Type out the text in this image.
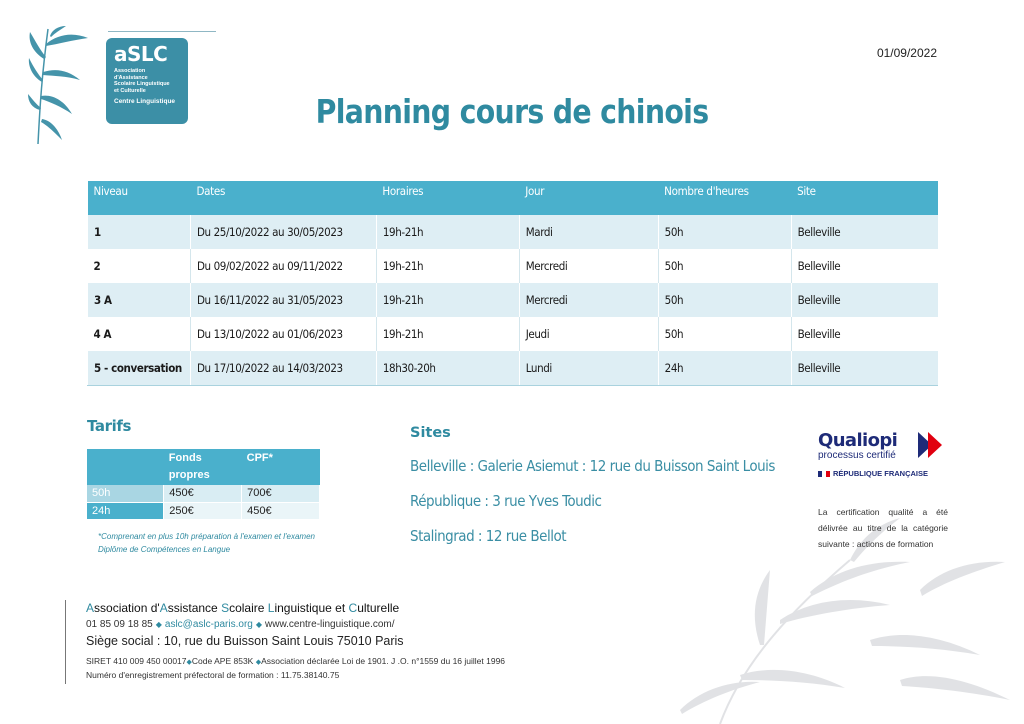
aSLC
Association d'Assistance
Scolaire Linguistique
et Culturelle
Centre Linguistique
01/09/2022
Planning cours de chinois
Niveau	Dates	Horaires	Jour	Nombre d'heures	Site
1	Du 25/10/2022 au 30/05/2023	19h-21h	Mardi	50h	Belleville
2	Du 09/02/2022 au 09/11/2022	19h-21h	Mercredi	50h	Belleville
3 A	Du 16/11/2022 au 31/05/2023	19h-21h	Mercredi	50h	Belleville
4 A	Du 13/10/2022 au 01/06/2023	19h-21h	Jeudi	50h	Belleville
5 - conversation	Du 17/10/2022 au 14/03/2023	18h30-20h	Lundi	24h	Belleville
Tarifs
	Fonds propres	CPF*
50h	450€	700€
24h	250€	450€
*Comprenant en plus 10h préparation à l'examen et l'examen Diplôme de Compétences en Langue
Sites
Belleville : Galerie Asiemut : 12 rue du Buisson Saint Louis
République : 3 rue Yves Toudic
Stalingrad : 12 rue Bellot
Qualiopi
processus certifié
RÉPUBLIQUE FRANÇAISE
La certification qualité a été délivrée au titre de la catégorie suivante : actions de formation
Association d'Assistance Scolaire Linguistique et Culturelle
01 85 09 18 85 ◆ aslc@aslc-paris.org ◆ www.centre-linguistique.com/
Siège social : 10, rue du Buisson Saint Louis 75010 Paris
SIRET 410 009 450 00017◆Code APE 853K ◆Association déclarée Loi de 1901. J .O. n°1559 du 16 juillet 1996
Numéro d'enregistrement préfectoral de formation : 11.75.38140.75
